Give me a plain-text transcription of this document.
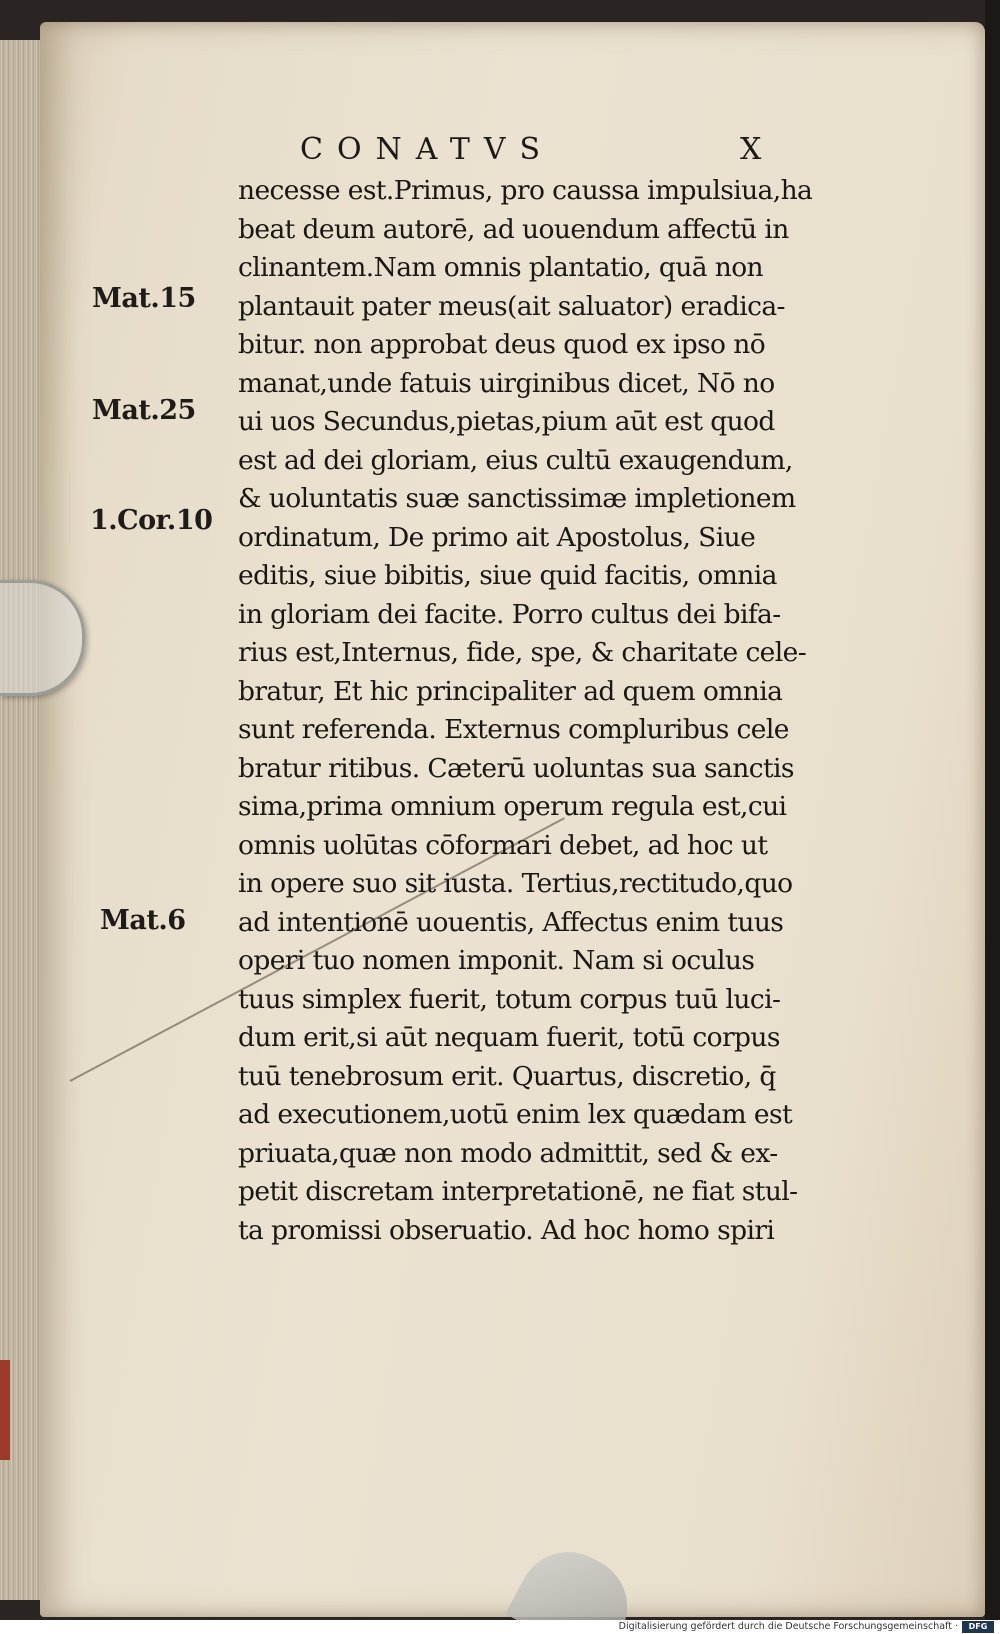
CONATVS	X
Mat.15
Mat.25
1.Cor.10
Mat.6
necesse est.Primus, pro caussa impulsiua,ha
beat deum autorē, ad uouendum affectū in
clinantem.Nam omnis plantatio, quā non
plantauit pater meus(ait saluator) eradica-
bitur. non approbat deus quod ex ipso nō
manat,unde fatuis uirginibus dicet, Nō no
ui uos Secundus,pietas,pium aūt est quod
est ad dei gloriam, eius cultū exaugendum,
& uoluntatis suæ sanctissimæ impletionem
ordinatum, De primo ait Apostolus, Siue
editis, siue bibitis, siue quid facitis, omnia
in gloriam dei facite. Porro cultus dei bifa-
rius est,Internus, fide, spe, & charitate cele-
bratur, Et hic principaliter ad quem omnia
sunt referenda. Externus compluribus cele
bratur ritibus. Cæterū uoluntas sua sanctis
sima,prima omnium operum regula est,cui
omnis uolūtas cōformari debet, ad hoc ut
in opere suo sit iusta. Tertius,rectitudo,quo
ad intentionē uouentis, Affectus enim tuus
operi tuo nomen imponit. Nam si oculus
tuus simplex fuerit, totum corpus tuū luci-
dum erit,si aūt nequam fuerit, totū corpus
tuū tenebrosum erit. Quartus, discretio, q̄
ad executionem,uotū enim lex quædam est
priuata,quæ non modo admittit, sed & ex-
petit discretam interpretationē, ne fiat stul-
ta promissi obseruatio. Ad hoc homo spiri
Digitalisierung gefördert durch die Deutsche Forschungsgemeinschaft ·	DFG
